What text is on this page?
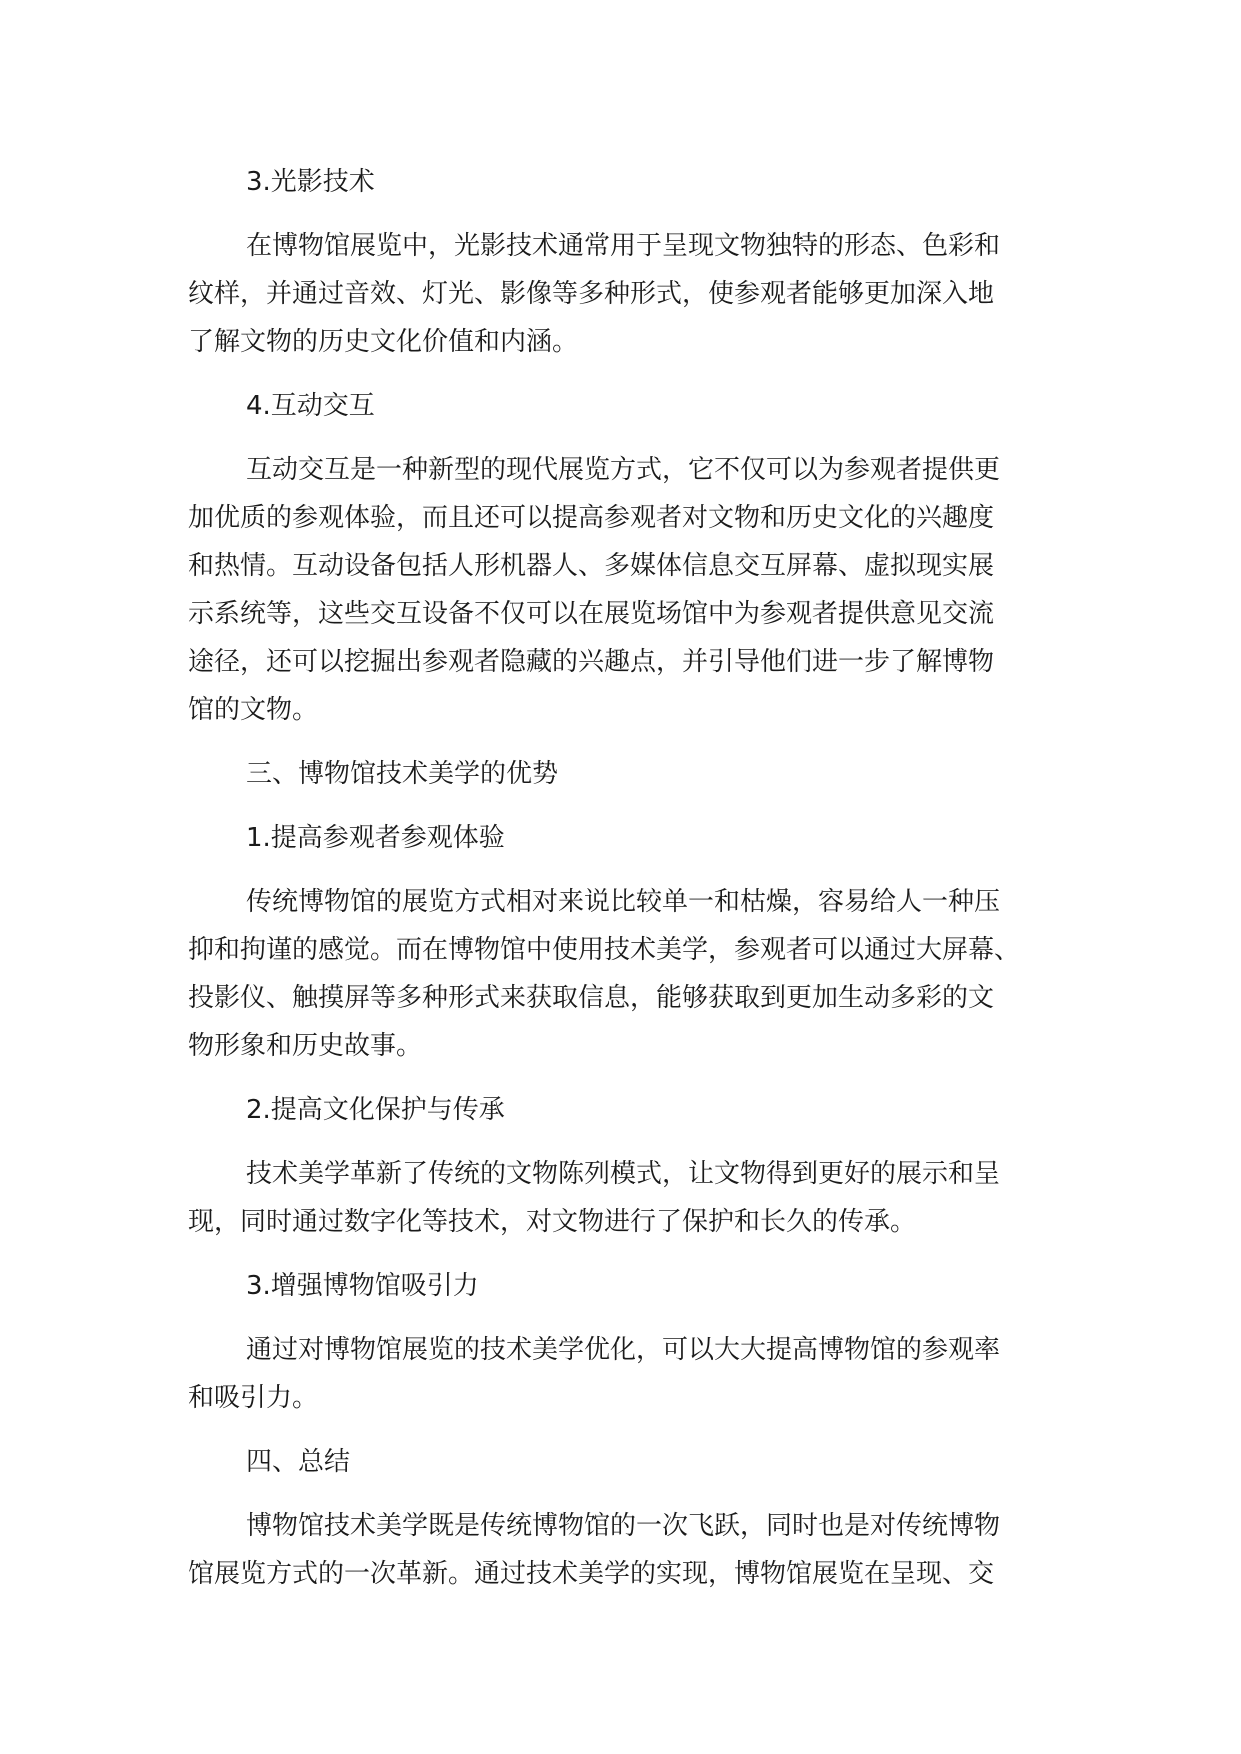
3.光影技术
在博物馆展览中，光影技术通常用于呈现文物独特的形态、色彩和
纹样，并通过音效、灯光、影像等多种形式，使参观者能够更加深入地
了解文物的历史文化价值和内涵。
4.互动交互
互动交互是一种新型的现代展览方式，它不仅可以为参观者提供更
加优质的参观体验，而且还可以提高参观者对文物和历史文化的兴趣度
和热情。互动设备包括人形机器人、多媒体信息交互屏幕、虚拟现实展
示系统等，这些交互设备不仅可以在展览场馆中为参观者提供意见交流
途径，还可以挖掘出参观者隐藏的兴趣点，并引导他们进一步了解博物
馆的文物。
三、博物馆技术美学的优势
1.提高参观者参观体验
传统博物馆的展览方式相对来说比较单一和枯燥，容易给人一种压
抑和拘谨的感觉。而在博物馆中使用技术美学，参观者可以通过大屏幕、
投影仪、触摸屏等多种形式来获取信息，能够获取到更加生动多彩的文
物形象和历史故事。
2.提高文化保护与传承
技术美学革新了传统的文物陈列模式，让文物得到更好的展示和呈
现，同时通过数字化等技术，对文物进行了保护和长久的传承。
3.增强博物馆吸引力
通过对博物馆展览的技术美学优化，可以大大提高博物馆的参观率
和吸引力。
四、总结
博物馆技术美学既是传统博物馆的一次飞跃，同时也是对传统博物
馆展览方式的一次革新。通过技术美学的实现，博物馆展览在呈现、交
